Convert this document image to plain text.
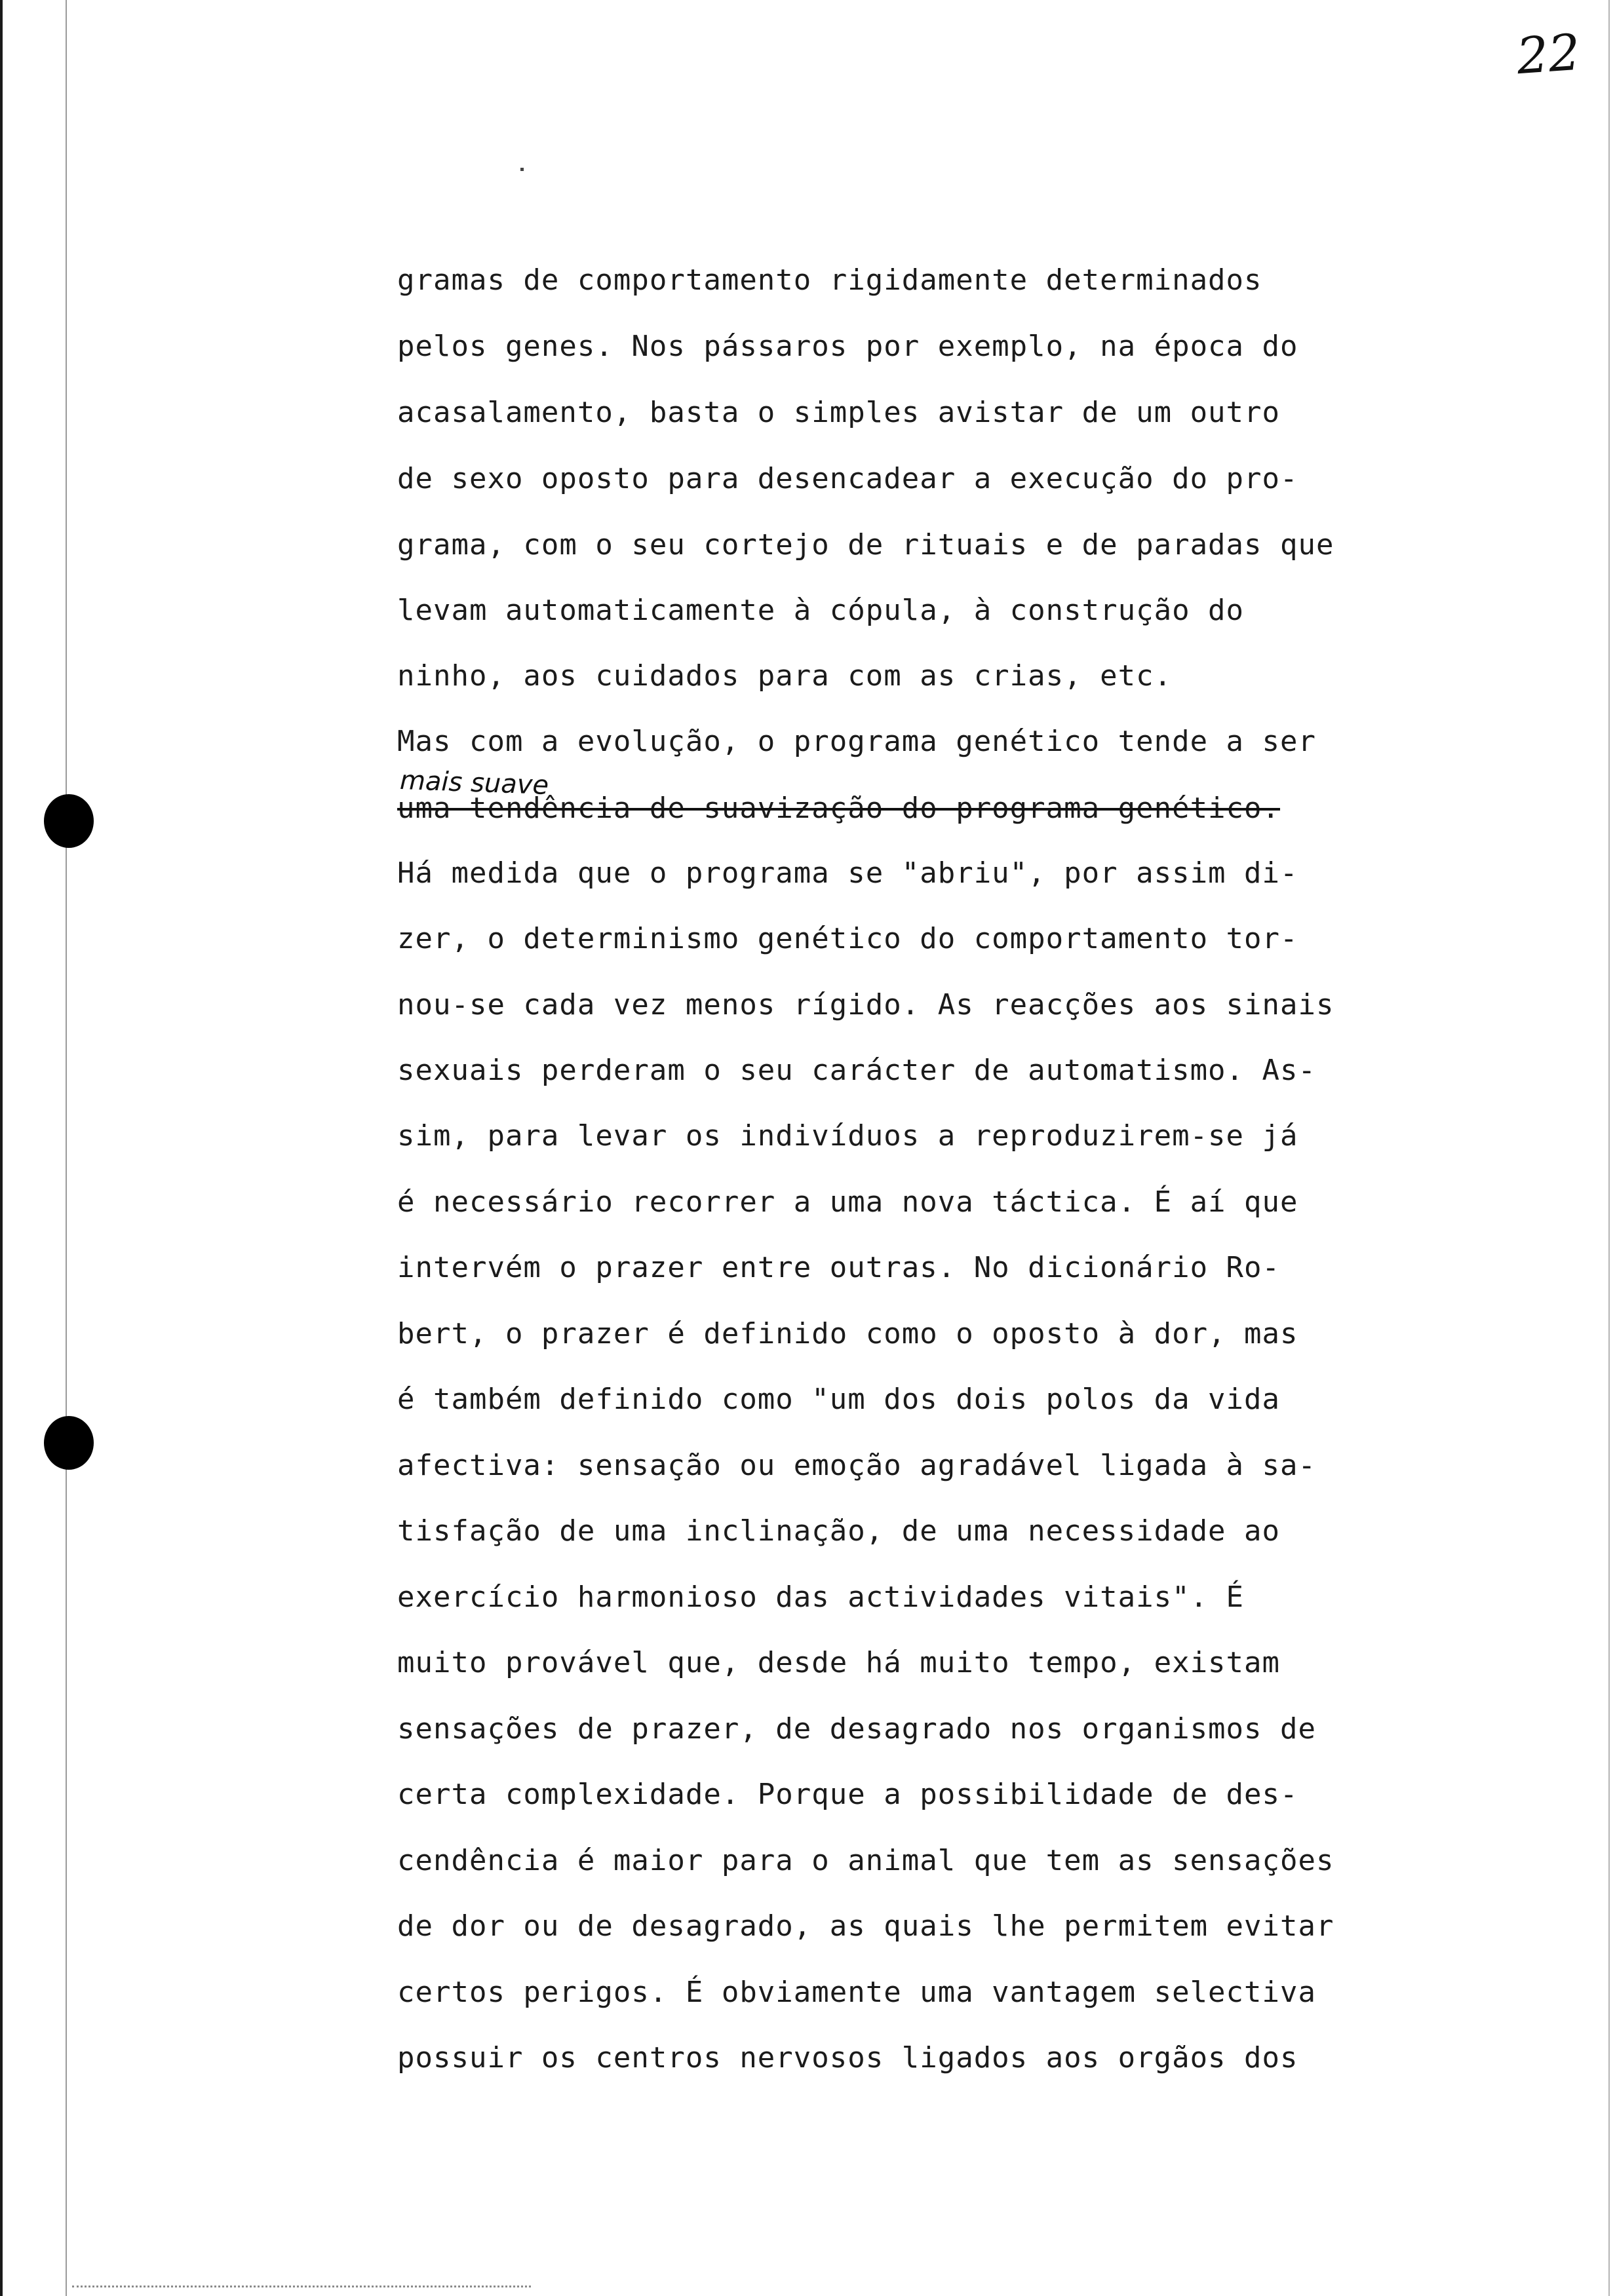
22
mais suave
gramas de comportamento rigidamente determinados
pelos genes. Nos pássaros por exemplo, na época do
acasalamento, basta o simples avistar de um outro
de sexo oposto para desencadear a execução do pro-
grama, com o seu cortejo de rituais e de paradas que
levam automaticamente à cópula, à construção do
ninho, aos cuidados para com as crias, etc.
Mas com a evolução, o programa genético tende a ser
uma tendência de suavização do programa genético.
Há medida que o programa se "abriu", por assim di-
zer, o determinismo genético do comportamento tor-
nou-se cada vez menos rígido. As reacções aos sinais
sexuais perderam o seu carácter de automatismo. As-
sim, para levar os indivíduos a reproduzirem-se já
é necessário recorrer a uma nova táctica. É aí que
intervém o prazer entre outras. No dicionário Ro-
bert, o prazer é definido como o oposto à dor, mas
é também definido como "um dos dois polos da vida
afectiva: sensação ou emoção agradável ligada à sa-
tisfação de uma inclinação, de uma necessidade ao
exercício harmonioso das actividades vitais". É
muito provável que, desde há muito tempo, existam
sensações de prazer, de desagrado nos organismos de
certa complexidade. Porque a possibilidade de des-
cendência é maior para o animal que tem as sensações
de dor ou de desagrado, as quais lhe permitem evitar
certos perigos. É obviamente uma vantagem selectiva
possuir os centros nervosos ligados aos orgãos dos
